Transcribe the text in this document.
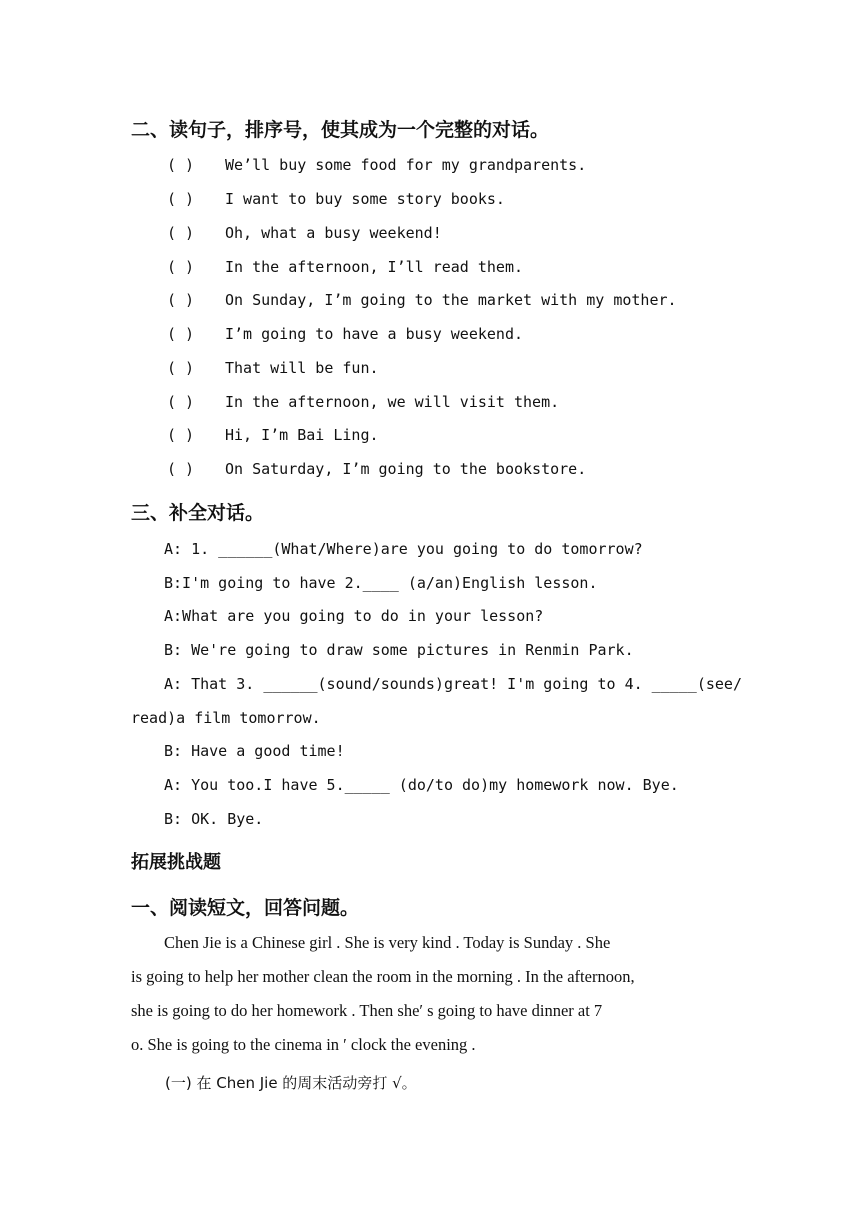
二、读句子，排序号，使其成为一个完整的对话。

( ) We’ll buy some food for my grandparents.

( ) I want to buy some story books.

( ) Oh, what a busy weekend!

( ) In the afternoon, I’ll read them.

( ) On Sunday, I’m going to the market with my mother.

( ) I’m going to have a busy weekend.

( ) That will be fun.

( ) In the afternoon, we will visit them.

( ) Hi, I’m Bai Ling.

( ) On Saturday, I’m going to the bookstore.

三、补全对话。

A: 1. ______(What/Where)are you going to do tomorrow?

B:I'm going to have 2.____ (a/an)English lesson.

A:What are you going to do in your lesson?

B: We're going to draw some pictures in Renmin Park.

A: That 3. ______(sound/sounds)great! I'm going to 4. _____(see/

read)a film tomorrow.

B: Have a good time!

A: You too.I have 5._____ (do/to do)my homework now. Bye.

B: OK. Bye.

拓展挑战题
一、阅读短文，回答问题。

Chen Jie is a Chinese girl . She is very kind . Today is Sunday . She

is going to help her mother clean the room in the morning . In the afternoon,

she is going to do her homework . Then she′ s going to have dinner at 7

o. She is going to the cinema in ′ clock the evening .

(一) 在 Chen Jie 的周末活动旁打 √。
